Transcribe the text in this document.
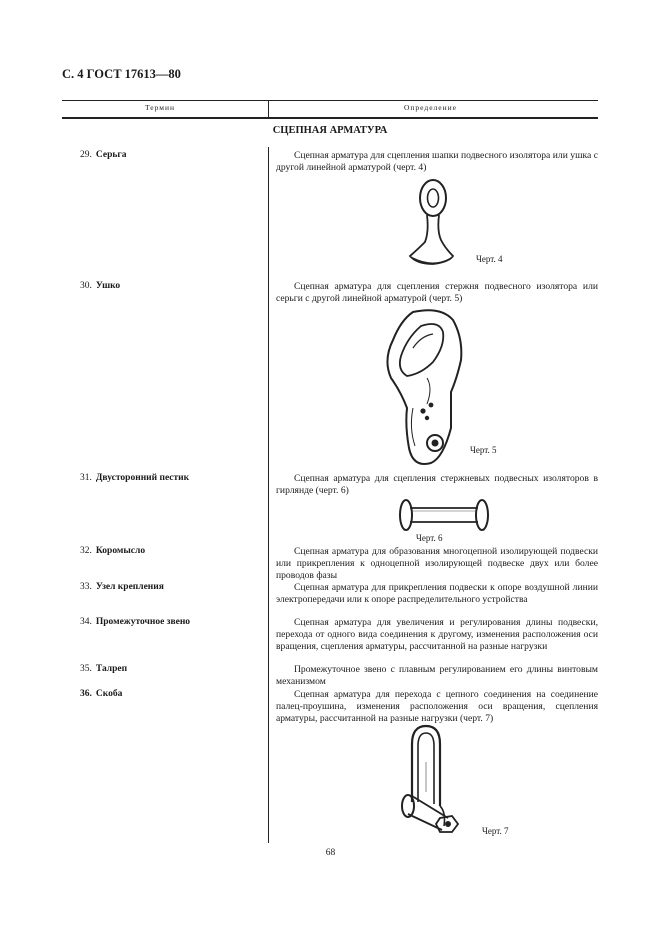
С. 4 ГОСТ 17613—80
Термин	Определение
СЦЕПНАЯ АРМАТУРА
29. Серьга	Сцепная арматура для сцепления шапки подвесного изолятора или ушка с другой линейной арматурой (черт. 4)
Черт. 4
30. Ушко	Сцепная арматура для сцепления стержня подвесного изолятора или серьги с другой линейной арматурой (черт. 5)
Черт. 5
31. Двусторонний пестик	Сцепная арматура для сцепления стержневых подвесных изоляторов в гирлянде (черт. 6)
Черт. 6
32. Коромысло	Сцепная арматура для образования многоцепной изолирующей подвески или прикрепления к одноцепной изолирующей подвеске двух или более проводов фазы
33. Узел крепления	Сцепная арматура для прикрепления подвески к опоре воздушной линии электропередачи или к опоре распределительного устройства
34. Промежуточное звено	Сцепная арматура для увеличения и регулирования длины подвески, перехода от одного вида соединения к другому, изменения расположения оси вращения, сцепления арматуры, рассчитанной на разные нагрузки
35. Талреп	Промежуточное звено с плавным регулированием его длины винтовым механизмом
36. Скоба	Сцепная арматура для перехода с цепного соединения на соединение палец-проушина, изменения расположения оси вращения, сцепления арматуры, рассчитанной на разные нагрузки (черт. 7)
Черт. 7
68
